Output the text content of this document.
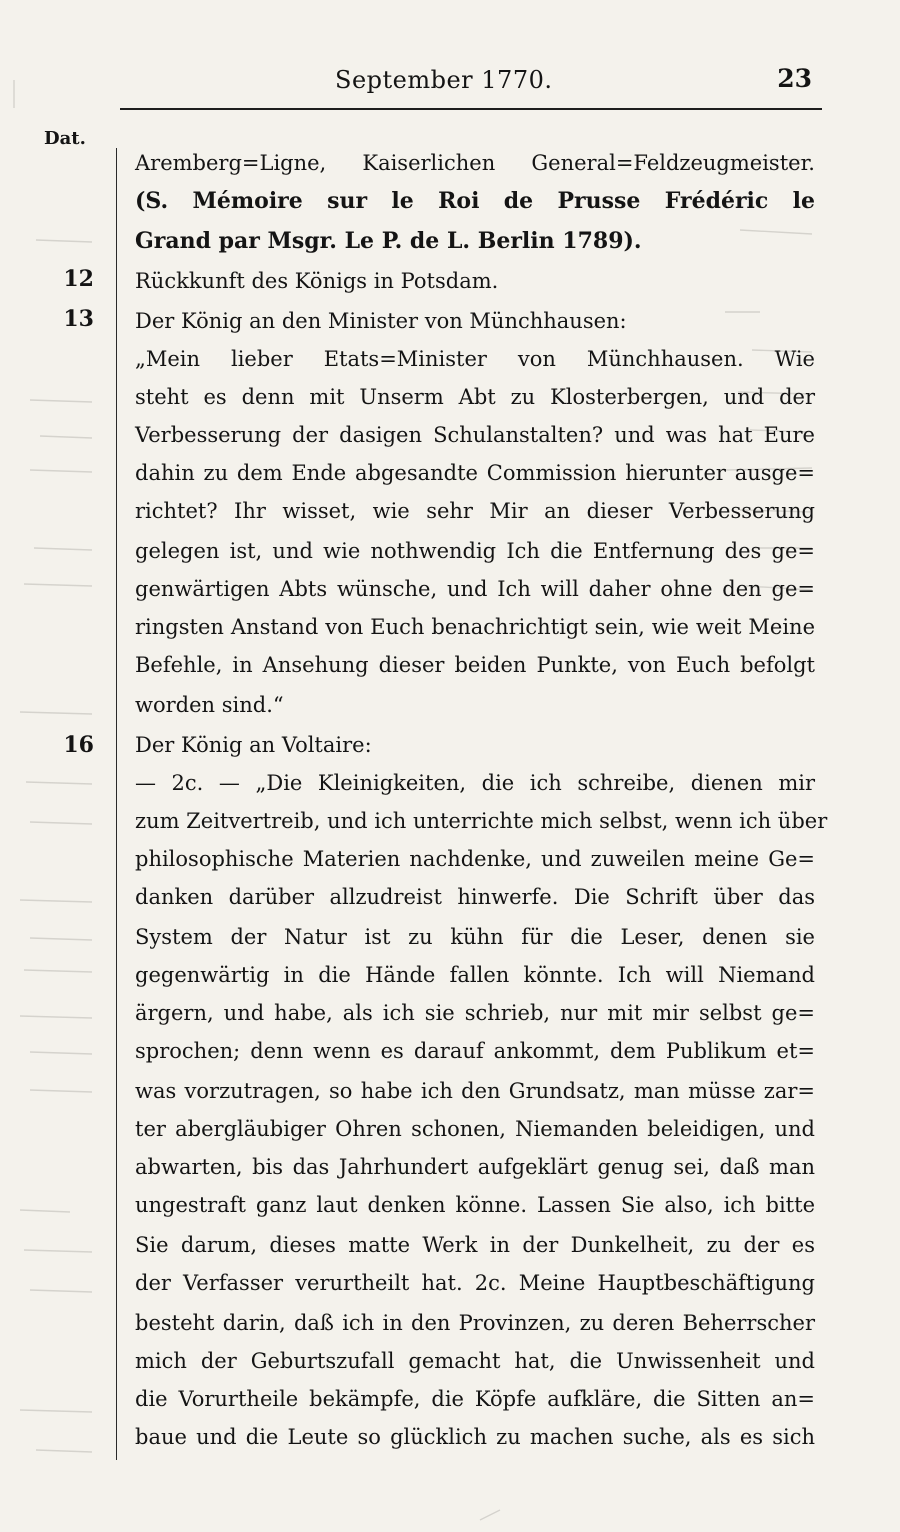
September 1770.	23
Dat.
12
13
16
Aremberg=Ligne, Kaiserlichen General=Feldzeugmeister.
(S. Mémoire sur le Roi de Prusse Frédéric le
Grand par Msgr. Le P. de L. Berlin 1789).
Rückkunft des Königs in Potsdam.
Der König an den Minister von Münchhausen:
„Mein lieber Etats=Minister von Münchhausen. Wie
steht es denn mit Unserm Abt zu Klosterbergen, und der
Verbesserung der dasigen Schulanstalten? und was hat Eure
dahin zu dem Ende abgesandte Commission hierunter ausge=
richtet? Ihr wisset, wie sehr Mir an dieser Verbesserung
gelegen ist, und wie nothwendig Ich die Entfernung des ge=
genwärtigen Abts wünsche, und Ich will daher ohne den ge=
ringsten Anstand von Euch benachrichtigt sein, wie weit Meine
Befehle, in Ansehung dieser beiden Punkte, von Euch befolgt
worden sind.“
Der König an Voltaire:
— 2c. — „Die Kleinigkeiten, die ich schreibe, dienen mir
zum Zeitvertreib, und ich unterrichte mich selbst, wenn ich über
philosophische Materien nachdenke, und zuweilen meine Ge=
danken darüber allzudreist hinwerfe. Die Schrift über das
System der Natur ist zu kühn für die Leser, denen sie
gegenwärtig in die Hände fallen könnte. Ich will Niemand
ärgern, und habe, als ich sie schrieb, nur mit mir selbst ge=
sprochen; denn wenn es darauf ankommt, dem Publikum et=
was vorzutragen, so habe ich den Grundsatz, man müsse zar=
ter abergläubiger Ohren schonen, Niemanden beleidigen, und
abwarten, bis das Jahrhundert aufgeklärt genug sei, daß man
ungestraft ganz laut denken könne. Lassen Sie also, ich bitte
Sie darum, dieses matte Werk in der Dunkelheit, zu der es
der Verfasser verurtheilt hat. 2c. Meine Hauptbeschäftigung
besteht darin, daß ich in den Provinzen, zu deren Beherrscher
mich der Geburtszufall gemacht hat, die Unwissenheit und
die Vorurtheile bekämpfe, die Köpfe aufkläre, die Sitten an=
baue und die Leute so glücklich zu machen suche, als es sich
